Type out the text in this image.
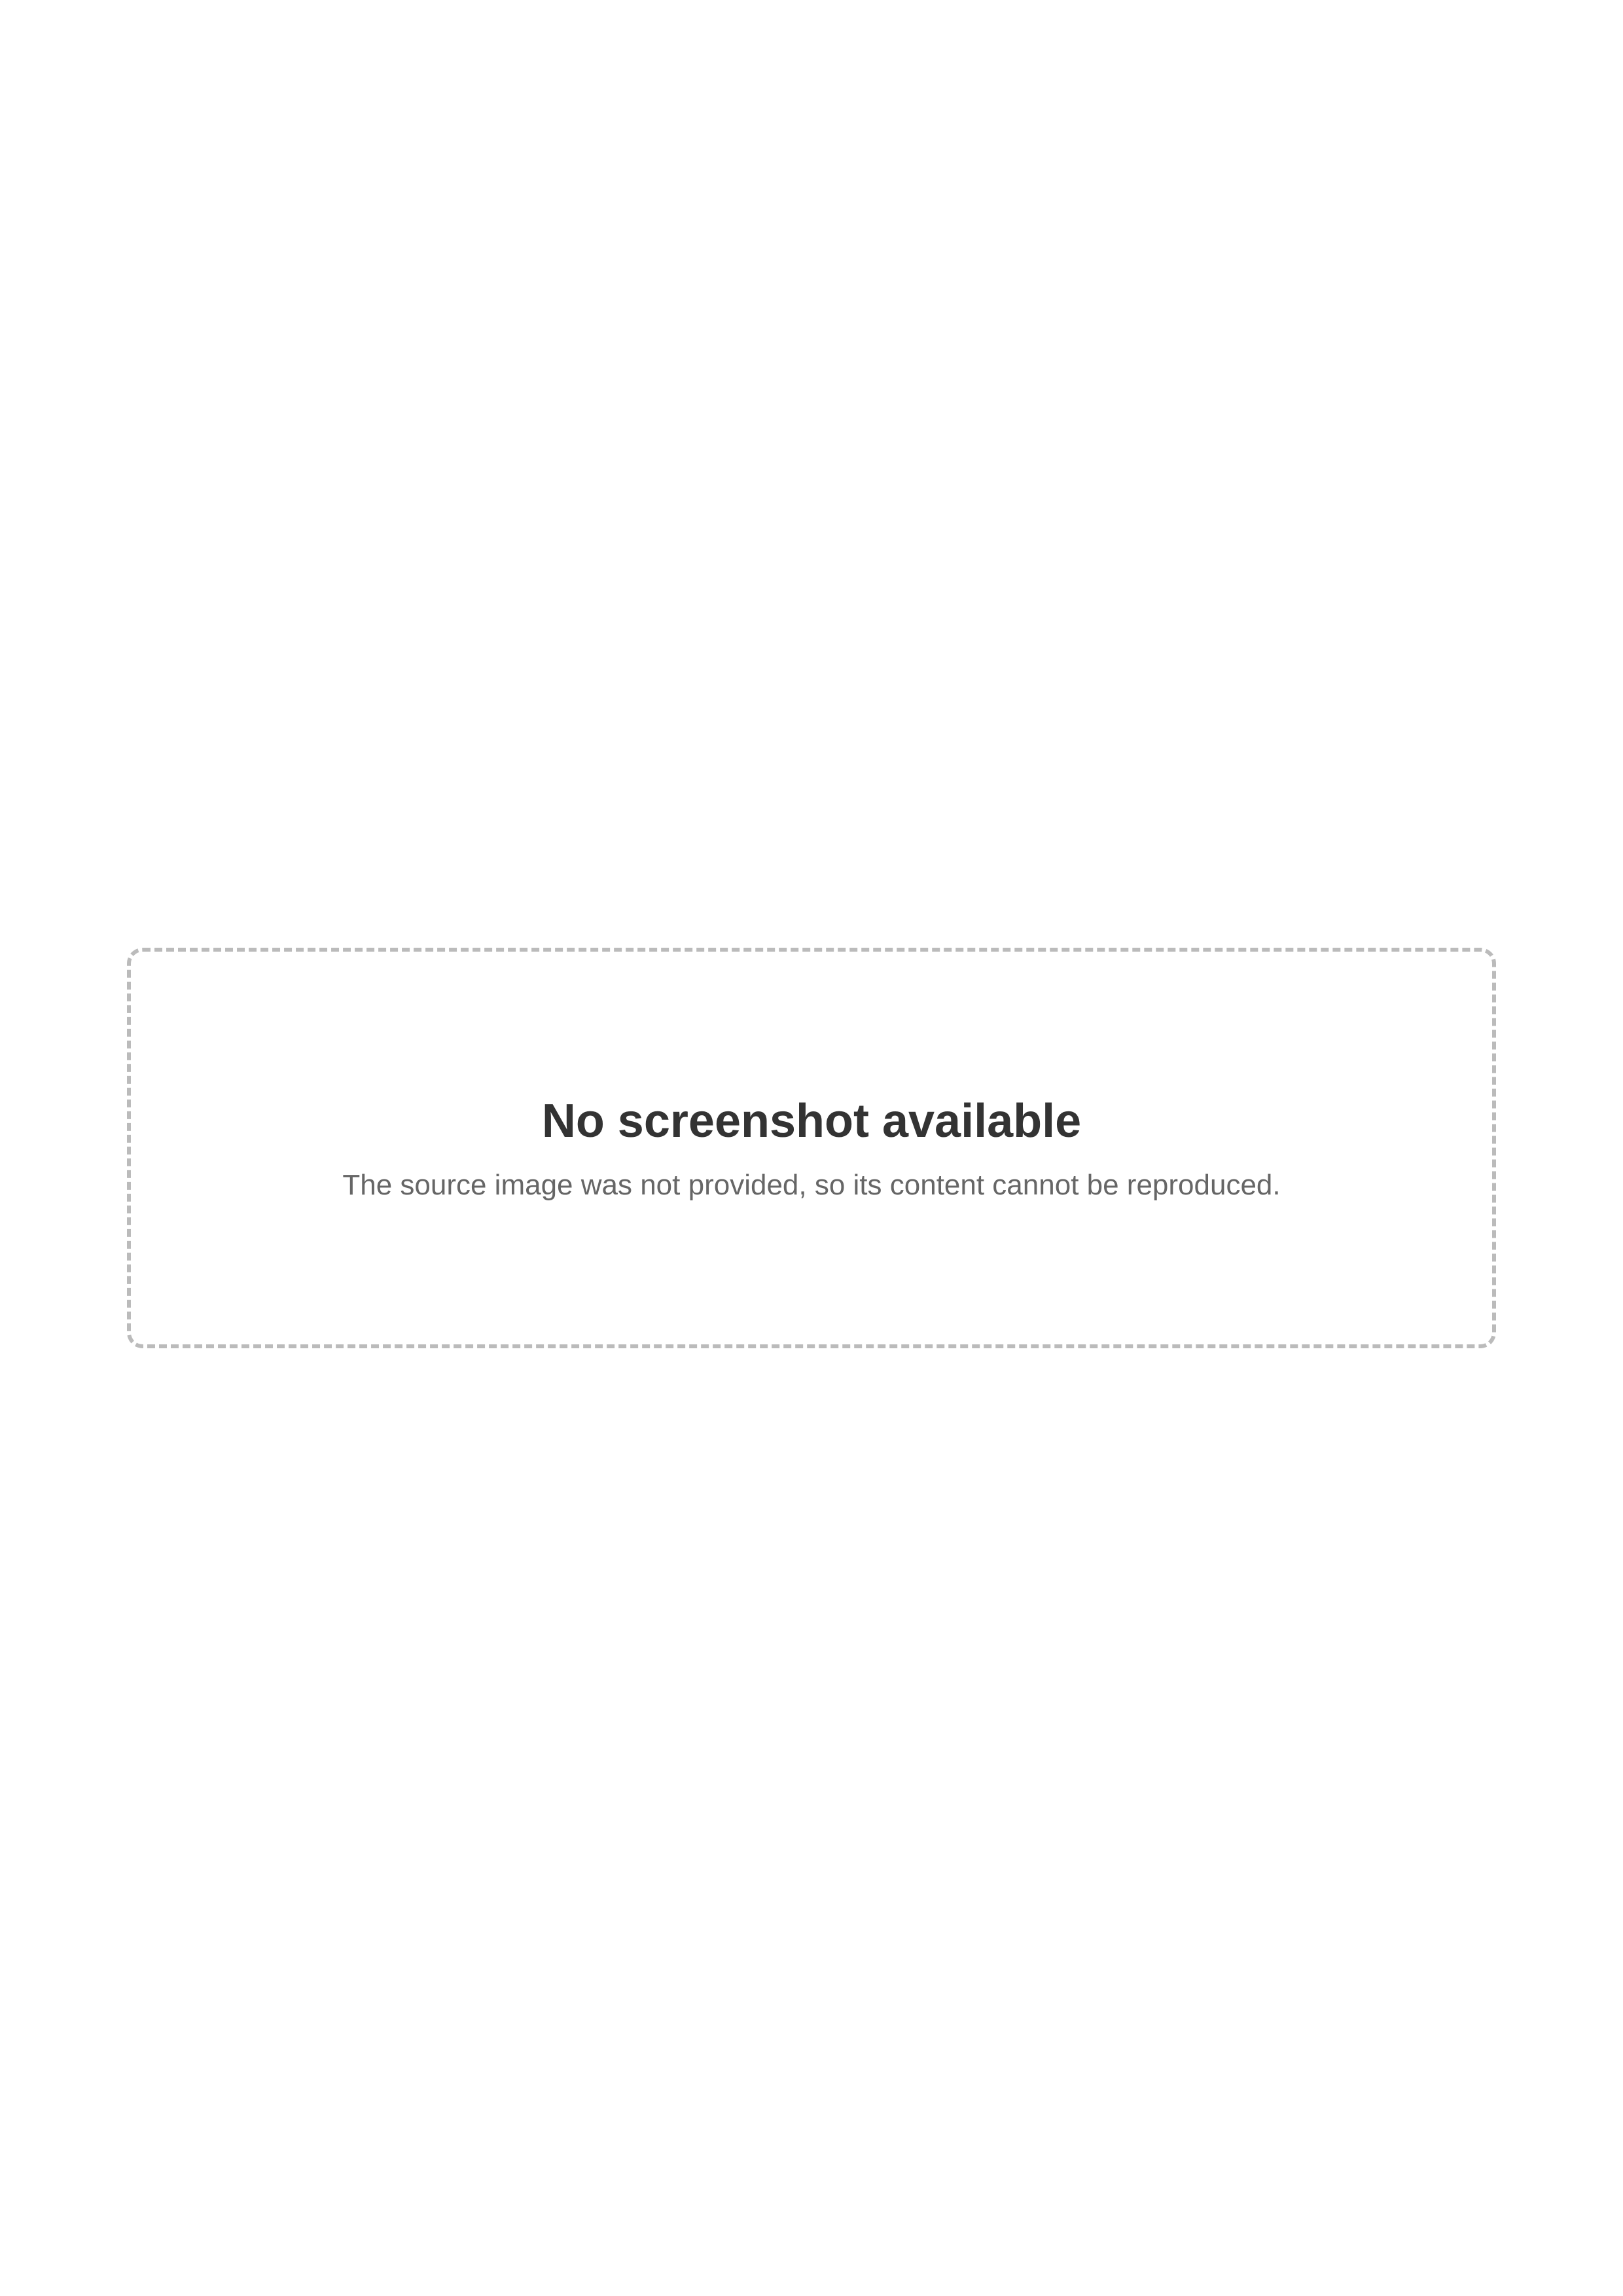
No screenshot available

The source image was not provided, so its content cannot be reproduced.
